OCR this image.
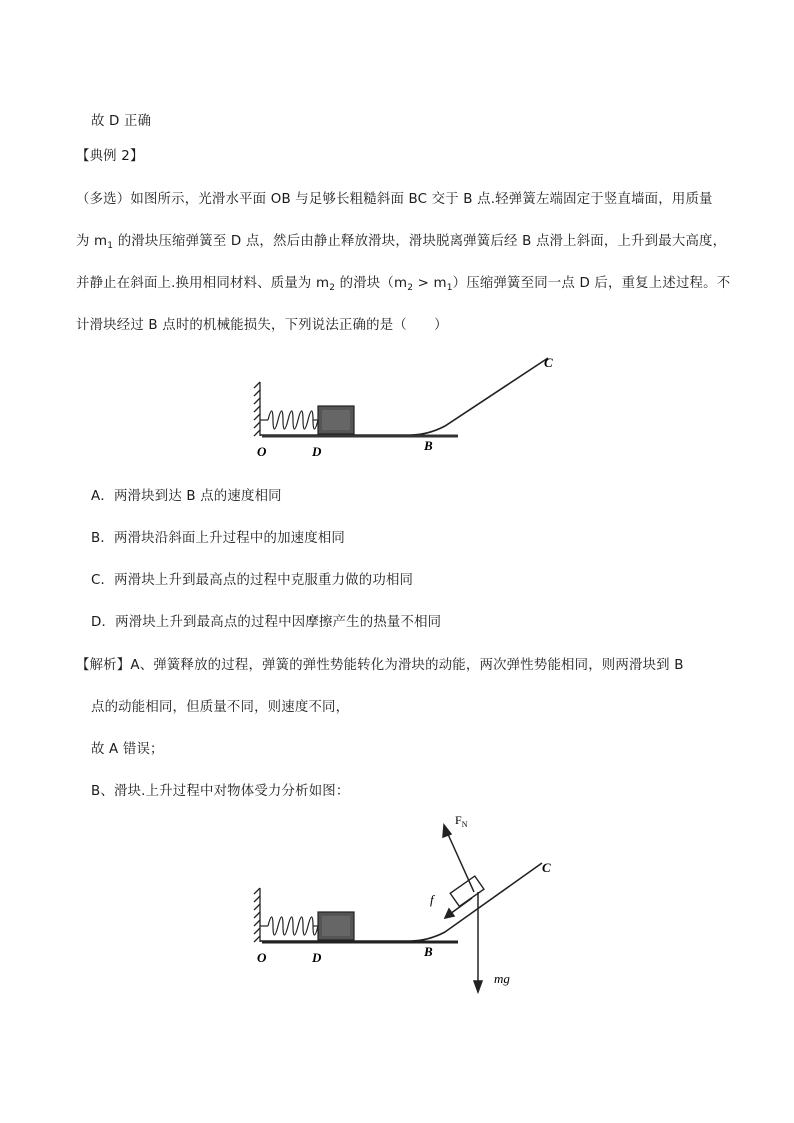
故 D 正确
【典例 2】
（多选）如图所示，光滑水平面 OB 与足够长粗糙斜面 BC 交于 B 点.轻弹簧左端固定于竖直墙面，用质量
为 $m_1$ 的滑块压缩弹簧至 D 点，然后由静止释放滑块，滑块脱离弹簧后经 B 点滑上斜面，上升到最大高度，
并静止在斜面上.换用相同材料、质量为 $m_2$ 的滑块$(m_2 > m_1)$压缩弹簧至同一点 D 后，重复上述过程。不
计滑块经过 B 点时的机械能损失，下列说法正确的是（　　）
O	D	B
C
A．两滑块到达 B 点的速度相同
B．两滑块沿斜面上升过程中的加速度相同
C．两滑块上升到最高点的过程中克服重力做的功相同
D．两滑块上升到最高点的过程中因摩擦产生的热量不相同
【解析】A、弹簧释放的过程，弹簧的弹性势能转化为滑块的动能，两次弹性势能相同，则两滑块到 B
点的动能相同，但质量不同，则速度不同，
故 A 错误；
B、滑块.上升过程中对物体受力分析如图：
$F_N$
f
mg
O	D	B
C
